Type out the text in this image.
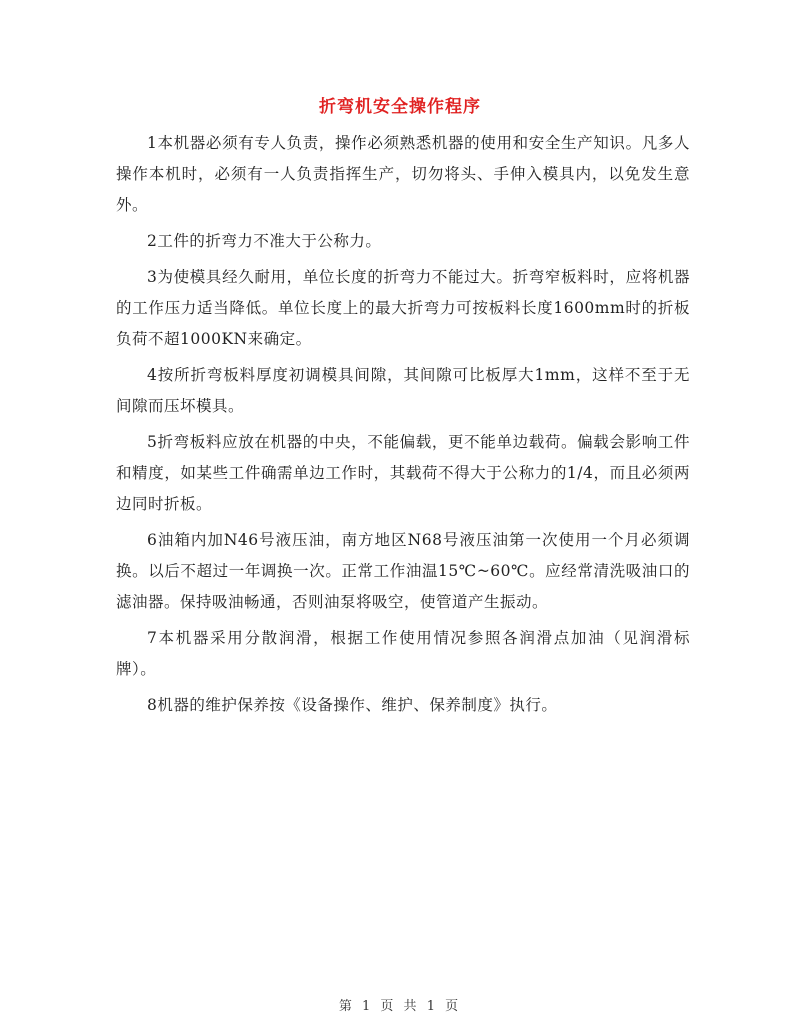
折弯机安全操作程序

1本机器必须有专人负责，操作必须熟悉机器的使用和安全生产知识。凡多人操作本机时，必须有一人负责指挥生产，切勿将头、手伸入模具内，以免发生意外。

2工件的折弯力不准大于公称力。

3为使模具经久耐用，单位长度的折弯力不能过大。折弯窄板料时，应将机器的工作压力适当降低。单位长度上的最大折弯力可按板料长度1600mm时的折板负荷不超1000KN来确定。

4按所折弯板料厚度初调模具间隙，其间隙可比板厚大1mm，这样不至于无间隙而压坏模具。

5折弯板料应放在机器的中央，不能偏载，更不能单边载荷。偏载会影响工件和精度，如某些工件确需单边工作时，其载荷不得大于公称力的1/4，而且必须两边同时折板。

6油箱内加N46号液压油，南方地区N68号液压油第一次使用一个月必须调换。以后不超过一年调换一次。正常工作油温15℃~60℃。应经常清洗吸油口的滤油器。保持吸油畅通，否则油泵将吸空，使管道产生振动。

7本机器采用分散润滑，根据工作使用情况参照各润滑点加油（见润滑标牌）。

8机器的维护保养按《设备操作、维护、保养制度》执行。

第 1 页 共 1 页
